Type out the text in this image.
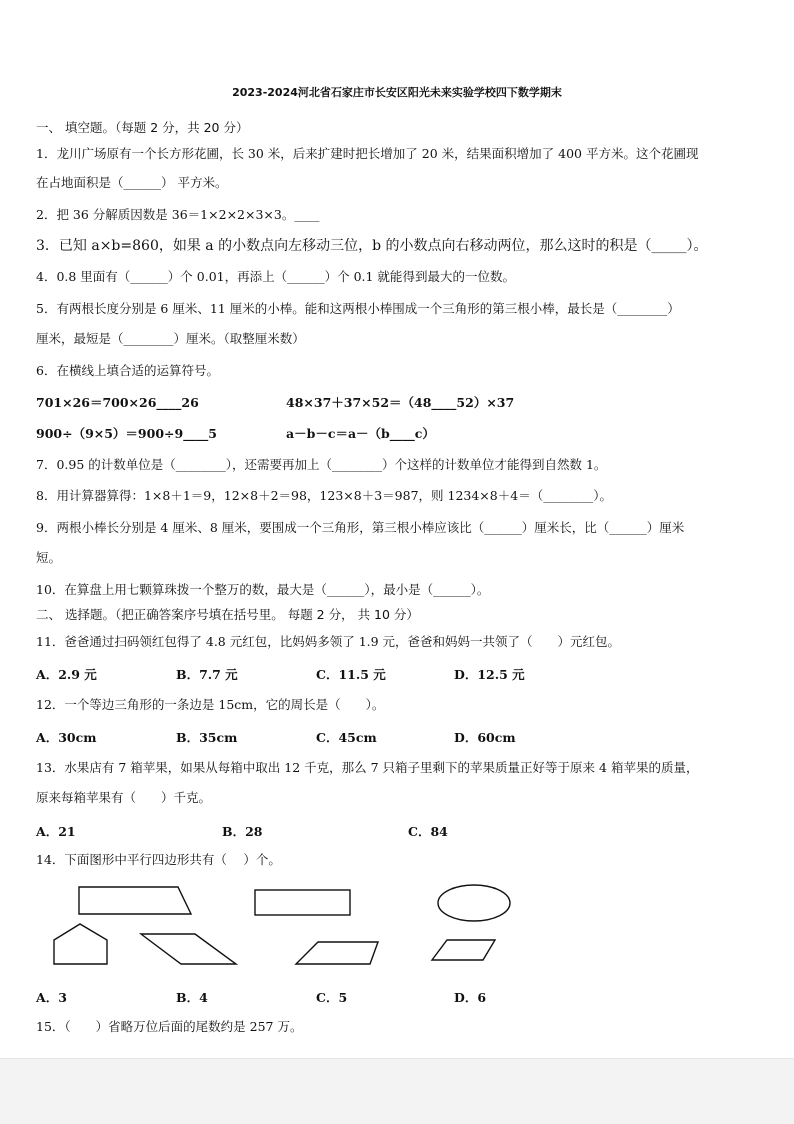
2023-2024河北省石家庄市长安区阳光未来实验学校四下数学期末
一、 填空题。（每题 2 分，共 20 分）
1．龙川广场原有一个长方形花圃，长 30 米，后来扩建时把长增加了 20 米，结果面积增加了 400 平方米。这个花圃现
在占地面积是（______） 平方米。
2．把 36 分解质因数是 36＝1×2×2×3×3。____
3．已知 a×b=860，如果 a 的小数点向左移动三位，b 的小数点向右移动两位，那么这时的积是（_____）。
4．0.8 里面有（______）个 0.01，再添上（______）个 0.1 就能得到最大的一位数。
5．有两根长度分别是 6 厘米、11 厘米的小棒。能和这两根小棒围成一个三角形的第三根小棒，最长是（________）
厘米，最短是（________）厘米。（取整厘米数）
6．在横线上填合适的运算符号。
701×26＝700×26____26	48×37＋37×52＝（48____52）×37
900÷（9×5）＝900÷9____5	a－b－c＝a－（b____c）
7．0.95 的计数单位是（________），还需要再加上（________）个这样的计数单位才能得到自然数 1。
8．用计算器算得：1×8＋1＝9，12×8＋2＝98，123×8＋3＝987，则 1234×8＋4＝（________）。
9．两根小棒长分别是 4 厘米、8 厘米，要围成一个三角形，第三根小棒应该比（______）厘米长，比（______）厘米
短。
10．在算盘上用七颗算珠拨一个整万的数，最大是（______），最小是（______）。
二、 选择题。（把正确答案序号填在括号里。 每题 2 分， 共 10 分）
11．爸爸通过扫码领红包得了 4.8 元红包，比妈妈多领了 1.9 元，爸爸和妈妈一共领了（　　）元红包。
A．2.9 元	B．7.7 元	C．11.5 元	D．12.5 元
12．一个等边三角形的一条边是 15cm，它的周长是（　　）。
A．30cm	B．35cm	C．45cm	D．60cm
13．水果店有 7 箱苹果，如果从每箱中取出 12 千克，那么 7 只箱子里剩下的苹果质量正好等于原来 4 箱苹果的质量，
原来每箱苹果有（　　）千克。
A．21	B．28	C．84
14．下面图形中平行四边形共有（　 ）个。
A．3	B．4	C．5	D．6
15．（　　）省略万位后面的尾数约是 257 万。
